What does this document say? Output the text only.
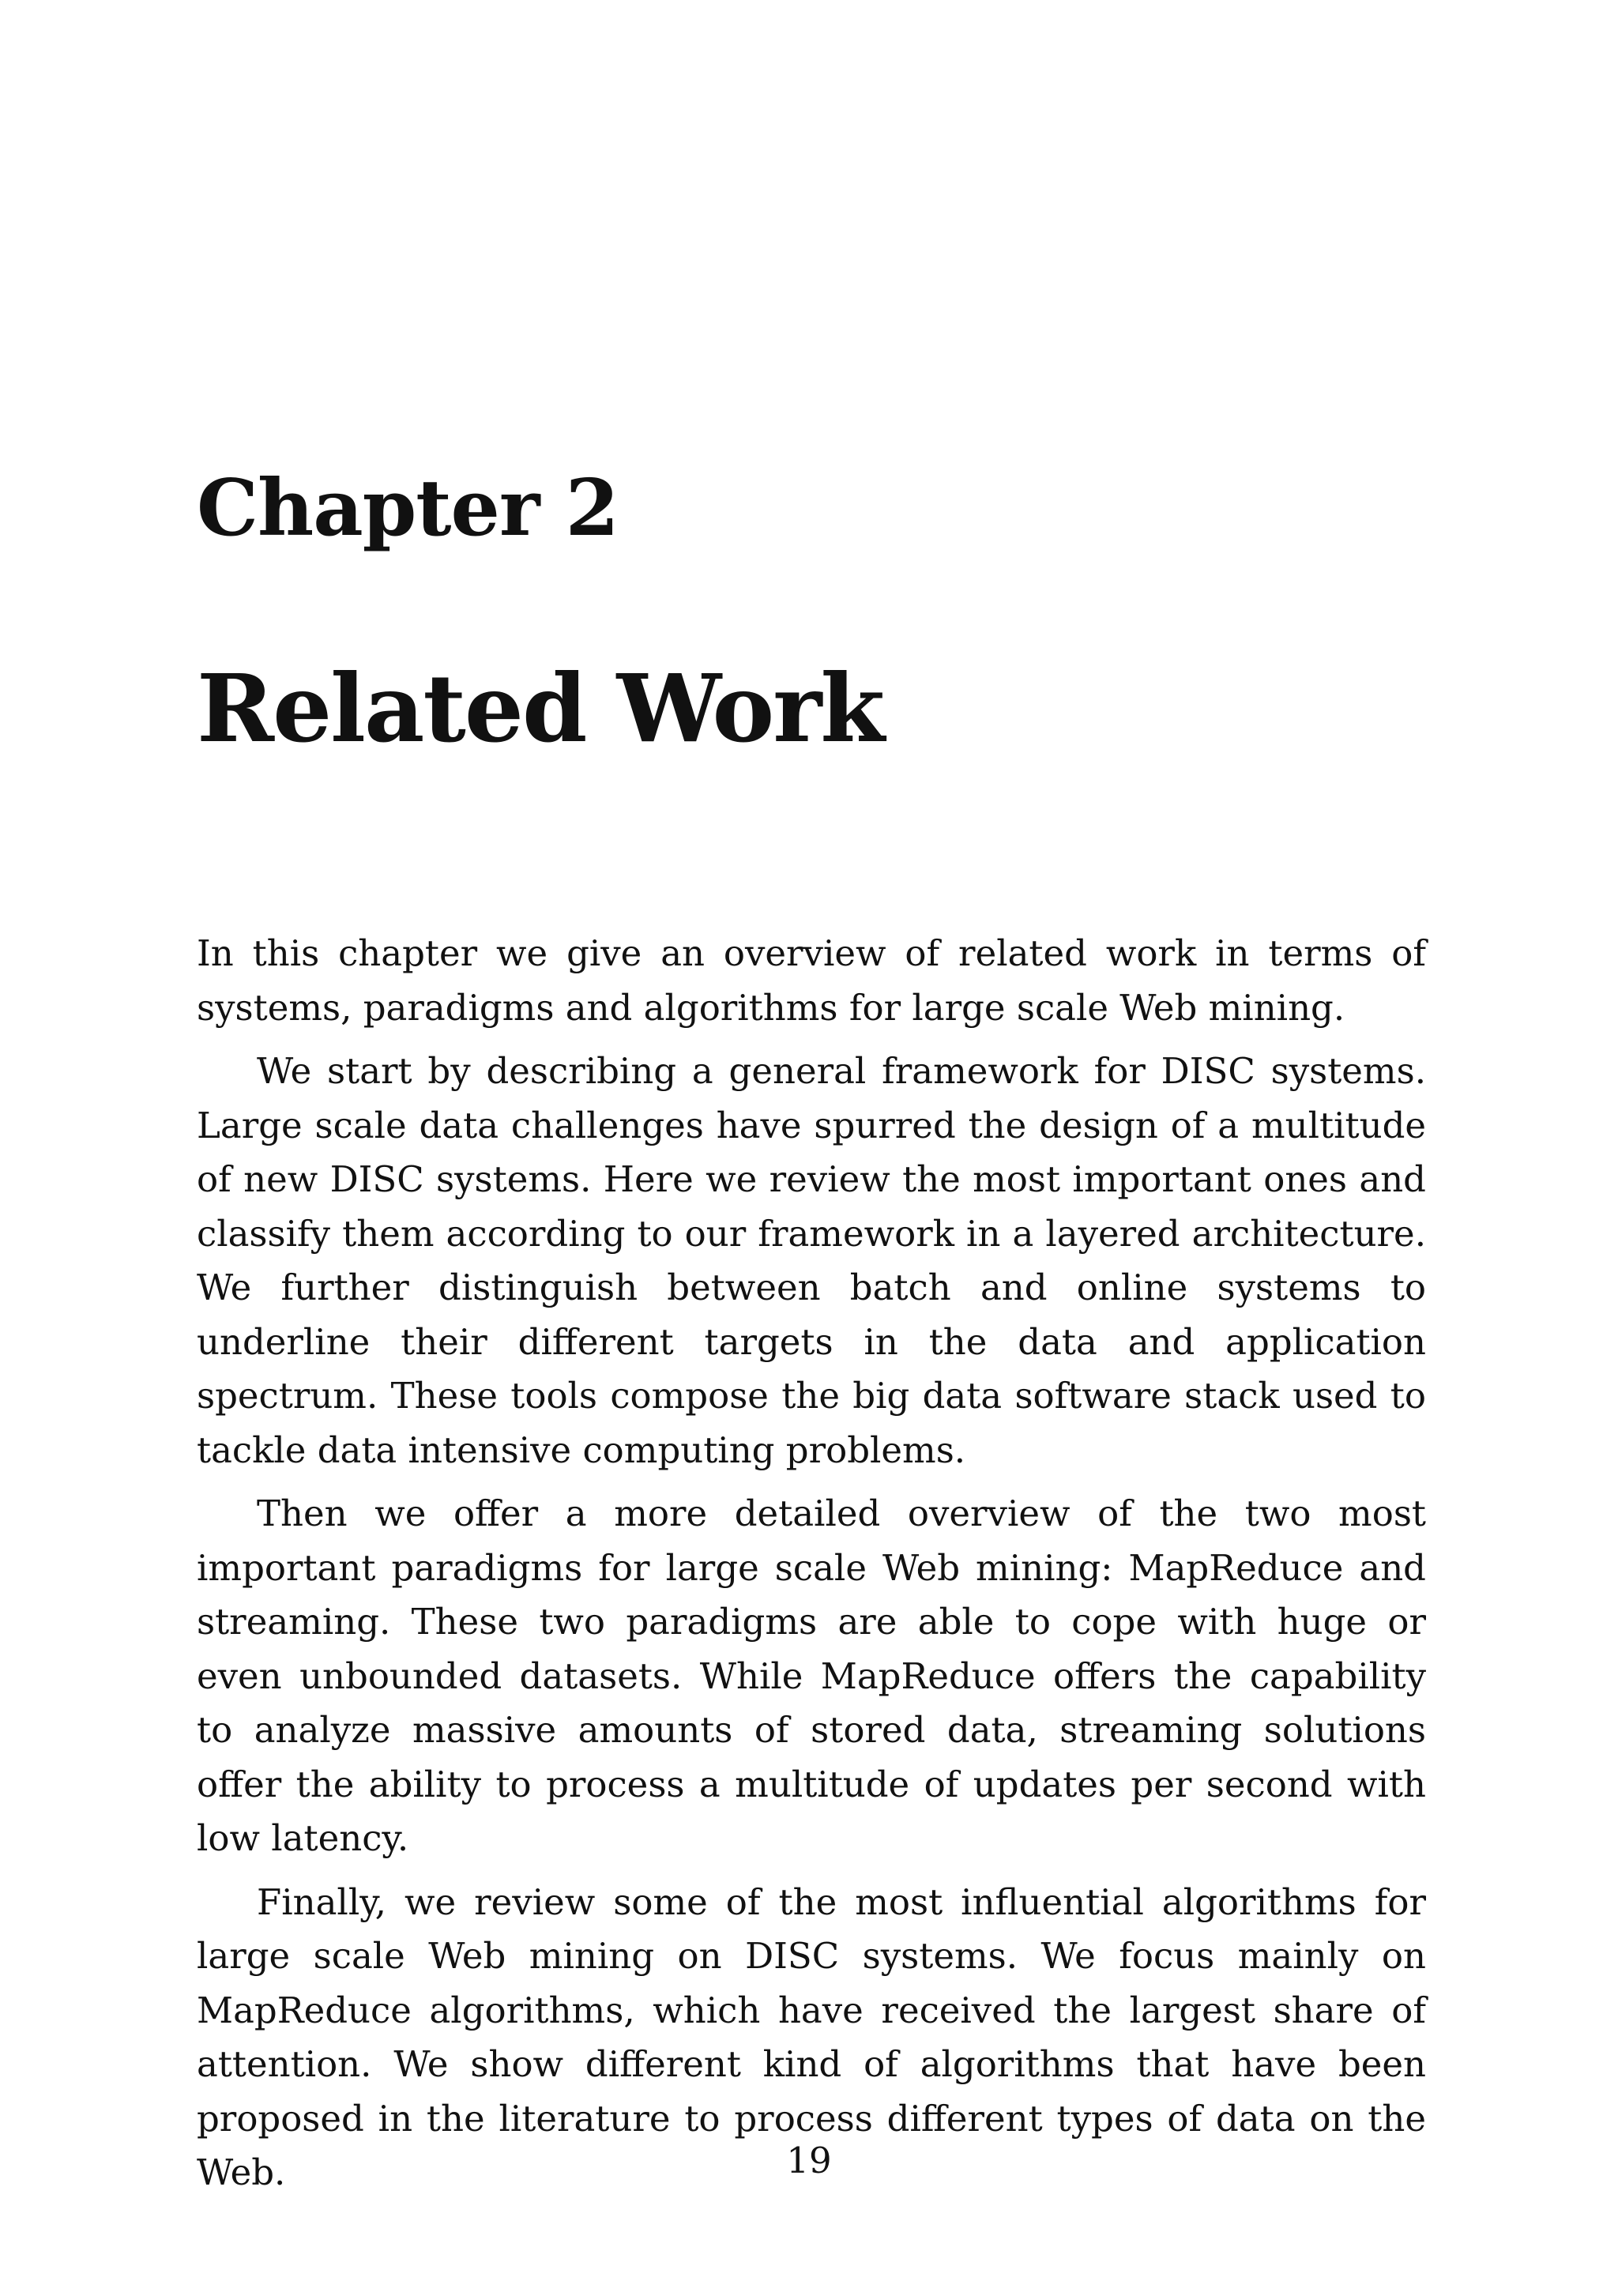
Chapter 2
Related Work

In this chapter we give an overview of related work in terms of systems, paradigms and algorithms for large scale Web mining.

We start by describing a general framework for DISC systems. Large scale data challenges have spurred the design of a multitude of new DISC systems. Here we review the most important ones and classify them according to our framework in a layered architecture. We further distinguish between batch and online systems to underline their different targets in the data and application spectrum. These tools compose the big data software stack used to tackle data intensive computing problems.

Then we offer a more detailed overview of the two most important paradigms for large scale Web mining: MapReduce and streaming. These two paradigms are able to cope with huge or even unbounded datasets. While MapReduce offers the capability to analyze massive amounts of stored data, streaming solutions offer the ability to process a multitude of updates per second with low latency.

Finally, we review some of the most influential algorithms for large scale Web mining on DISC systems. We focus mainly on MapReduce algorithms, which have received the largest share of attention. We show different kind of algorithms that have been proposed in the literature to process different types of data on the Web.	19
